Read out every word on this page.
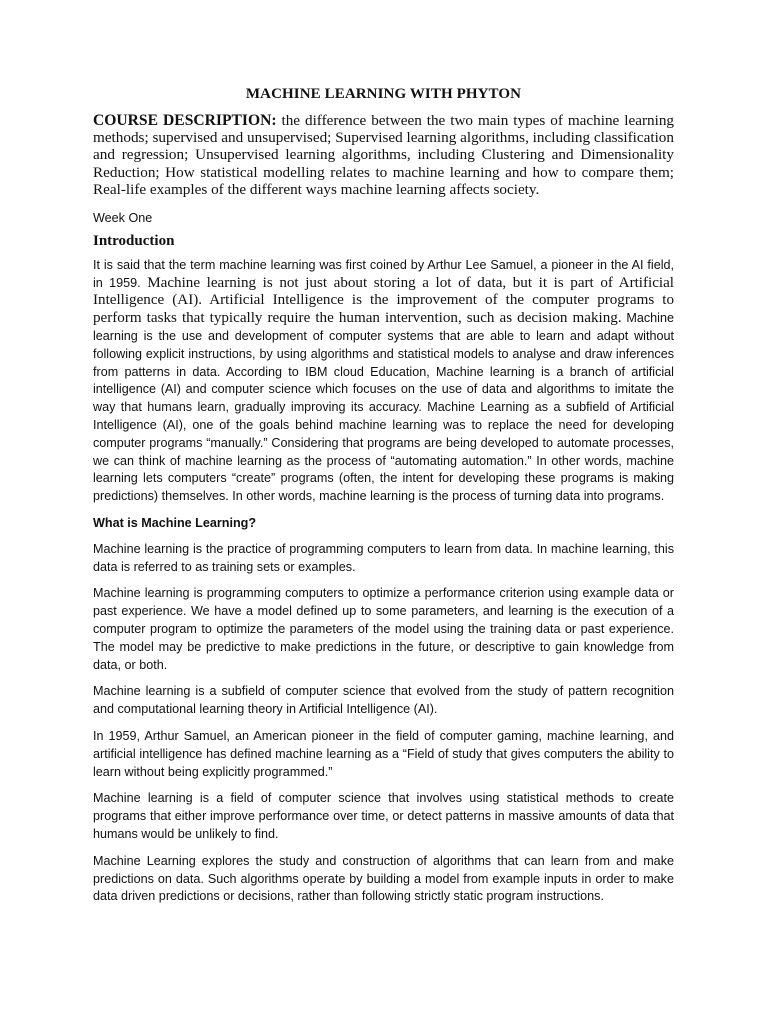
MACHINE LEARNING WITH PHYTON

COURSE DESCRIPTION: the difference between the two main types of machine learning methods; supervised and unsupervised; Supervised learning algorithms, including classification and regression; Unsupervised learning algorithms, including Clustering and Dimensionality Reduction; How statistical modelling relates to machine learning and how to compare them; Real-life examples of the different ways machine learning affects society.

Week One

Introduction

It is said that the term machine learning was first coined by Arthur Lee Samuel, a pioneer in the AI field, in 1959. Machine learning is not just about storing a lot of data, but it is part of Artificial Intelligence (AI). Artificial Intelligence is the improvement of the computer programs to perform tasks that typically require the human intervention, such as decision making. Machine learning is the use and development of computer systems that are able to learn and adapt without following explicit instructions, by using algorithms and statistical models to analyse and draw inferences from patterns in data. According to IBM cloud Education, Machine learning is a branch of artificial intelligence (AI) and computer science which focuses on the use of data and algorithms to imitate the way that humans learn, gradually improving its accuracy. Machine Learning as a subfield of Artificial Intelligence (AI), one of the goals behind machine learning was to replace the need for developing computer programs “manually.” Considering that programs are being developed to automate processes, we can think of machine learning as the process of “automating automation.” In other words, machine learning lets computers “create” programs (often, the intent for developing these programs is making predictions) themselves. In other words, machine learning is the process of turning data into programs.

What is Machine Learning?

Machine learning is the practice of programming computers to learn from data. In machine learning, this data is referred to as training sets or examples.

Machine learning is programming computers to optimize a performance criterion using example data or past experience. We have a model defined up to some parameters, and learning is the execution of a computer program to optimize the parameters of the model using the training data or past experience. The model may be predictive to make predictions in the future, or descriptive to gain knowledge from data, or both.

Machine learning is a subfield of computer science that evolved from the study of pattern recognition and computational learning theory in Artificial Intelligence (AI).

In 1959, Arthur Samuel, an American pioneer in the field of computer gaming, machine learning, and artificial intelligence has defined machine learning as a “Field of study that gives computers the ability to learn without being explicitly programmed.”

Machine learning is a field of computer science that involves using statistical methods to create programs that either improve performance over time, or detect patterns in massive amounts of data that humans would be unlikely to find.

Machine Learning explores the study and construction of algorithms that can learn from and make predictions on data. Such algorithms operate by building a model from example inputs in order to make data driven predictions or decisions, rather than following strictly static program instructions.
